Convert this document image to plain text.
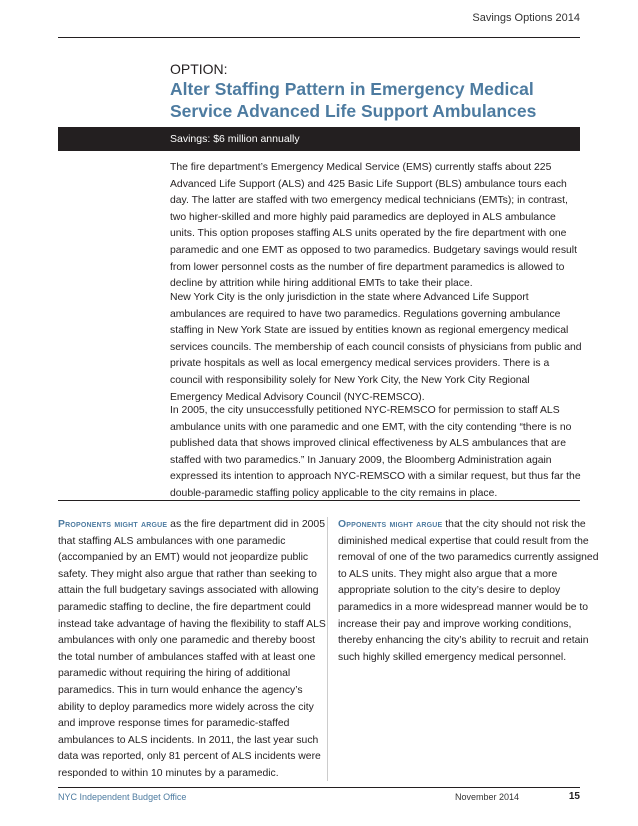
Savings Options 2014
OPTION:
Alter Staffing Pattern in Emergency Medical Service Advanced Life Support Ambulances
Savings: $6 million annually

The fire department’s Emergency Medical Service (EMS) currently staffs about 225 Advanced Life Support (ALS) and 425 Basic Life Support (BLS) ambulance tours each day. The latter are staffed with two emergency medical technicians (EMTs); in contrast, two higher-skilled and more highly paid paramedics are deployed in ALS ambulance units. This option proposes staffing ALS units operated by the fire department with one paramedic and one EMT as opposed to two paramedics. Budgetary savings would result from lower personnel costs as the number of fire department paramedics is allowed to decline by attrition while hiring additional EMTs to take their place.

New York City is the only jurisdiction in the state where Advanced Life Support ambulances are required to have two paramedics. Regulations governing ambulance staffing in New York State are issued by entities known as regional emergency medical services councils. The membership of each council consists of physicians from public and private hospitals as well as local emergency medical services providers. There is a council with responsibility solely for New York City, the New York City Regional Emergency Medical Advisory Council (NYC-REMSCO).

In 2005, the city unsuccessfully petitioned NYC-REMSCO for permission to staff ALS ambulance units with one paramedic and one EMT, with the city contending “there is no published data that shows improved clinical effectiveness by ALS ambulances that are staffed with two paramedics.” In January 2009, the Bloomberg Administration again expressed its intention to approach NYC-REMSCO with a similar request, but thus far the double-paramedic staffing policy applicable to the city remains in place.

Proponents might argue as the fire department did in 2005 that staffing ALS ambulances with one paramedic (accompanied by an EMT) would not jeopardize public safety. They might also argue that rather than seeking to attain the full budgetary savings associated with allowing paramedic staffing to decline, the fire department could instead take advantage of having the flexibility to staff ALS ambulances with only one paramedic and thereby boost the total number of ambulances staffed with at least one paramedic without requiring the hiring of additional paramedics. This in turn would enhance the agency’s ability to deploy paramedics more widely across the city and improve response times for paramedic-staffed ambulances to ALS incidents. In 2011, the last year such data was reported, only 81 percent of ALS incidents were responded to within 10 minutes by a paramedic.

Opponents might argue that the city should not risk the diminished medical expertise that could result from the removal of one of the two paramedics currently assigned to ALS units. They might also argue that a more appropriate solution to the city’s desire to deploy paramedics in a more widespread manner would be to increase their pay and improve working conditions, thereby enhancing the city’s ability to recruit and retain such highly skilled emergency medical personnel.

NYC Independent Budget Office	November 2014	15
